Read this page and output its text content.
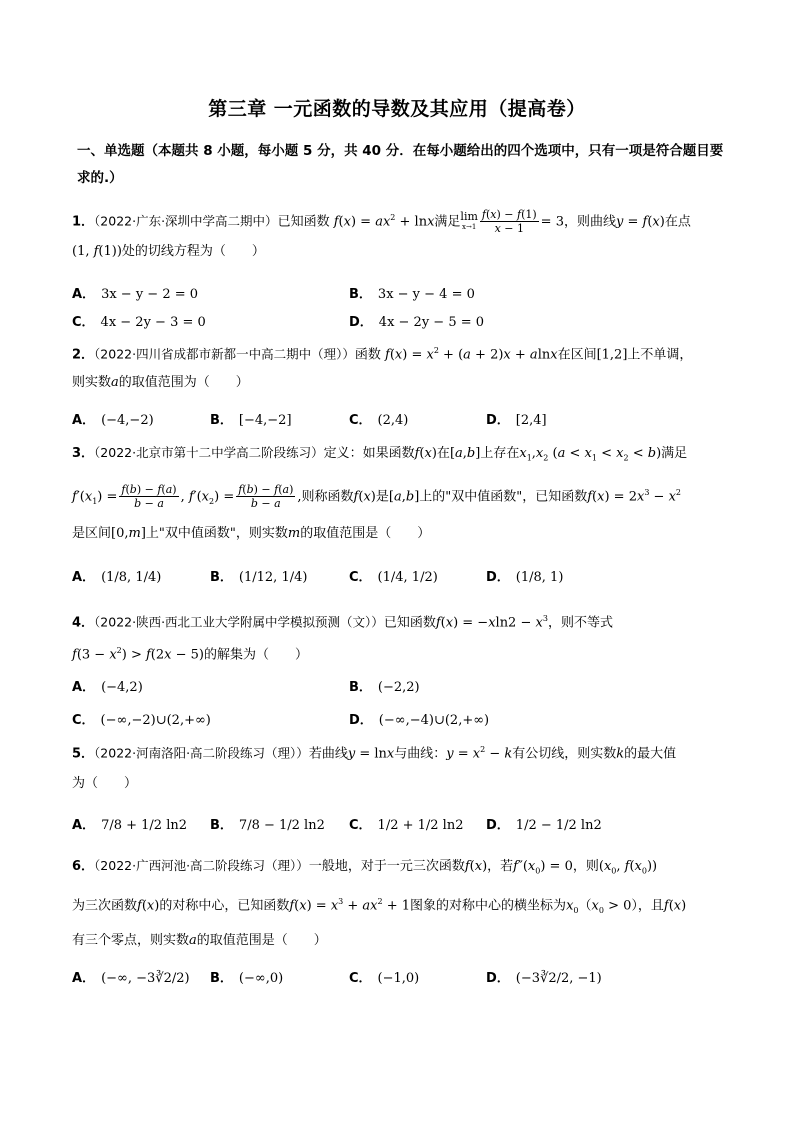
第三章 一元函数的导数及其应用（提高卷）
一、单选题（本题共 8 小题，每小题 5 分，共 40 分．在每小题给出的四个选项中，只有一项是符合题目要求的.）
1．（2022·广东·深圳中学高二期中）已知函数 $f(x) = ax^2 + \ln x$满足lim
$x\to 1 \frac{f(x) - f(1)}{x - 1} = 3$，则曲线y = f(x)在点
(1, f(1))处的切线方程为（　　）
A． 3x − y − 2 = 0	B． 3x − y − 4 = 0
C． 4x − 2y − 3 = 0	D． 4x − 2y − 5 = 0
2．（2022·四川省成都市新都一中高二期中（理））函数 $f(x) = x^2 + (a + 2)x + alnx$在区间[1,2]上不单调，
则实数a的取值范围为（　　）
A． (−4,−2)	B． [−4,−2]	C． (2,4)	D． [2,4]
3．（2022·北京市第十二中学高二阶段练习）定义：如果函数f(x)在[a,b]上存在$x_1,x_2$ $(a < x_1 < x_2 < b)$满足
$f'(x_1) = \frac{f(b) - f(a)}{b - a}$ , $f'(x_2) = \frac{f(b) - f(a)}{b - a}$ ,则称函数f(x)是[a,b]上的"双中值函数"，已知函数$f(x) = 2x^3 - x^2$
是区间[0,m]上"双中值函数"，则实数m的取值范围是（　　）
A． (1/8, 1/4)	B． (1/12, 1/4)	C． (1/4, 1/2)	D． (1/8, 1)
4．（2022·陕西·西北工业大学附属中学模拟预测（文））已知函数$f(x) = -xln2 - x^3$，则不等式
$f(3 - x^2) > f(2x - 5)$的解集为（　　）
A． (−4,2)	B． (−2,2)
C． (−∞,−2)∪(2,+∞)	D． (−∞,−4)∪(2,+∞)
5．（2022·河南洛阳·高二阶段练习（理））若曲线y = lnx与曲线：$y = x^2 - k$有公切线，则实数k的最大值
为（　　）
A． 7/8 + 1/2 ln2 B． 7/8 − 1/2 ln2 C． 1/2 + 1/2 ln2 D． 1/2 − 1/2 ln2
6．（2022·广西河池·高二阶段练习（理））一般地，对于一元三次函数f(x)，若$f''(x_0) = 0$，则($x_0$, $f(x_0)$)
为三次函数f(x)的对称中心，已知函数$f(x) = x^3 + ax^2 + 1$图象的对称中心的横坐标为$x_0(x_0 > 0)$，且f(x)
有三个零点，则实数a的取值范围是（　　）
A． (−∞, −3∛2/2) B． (−∞,0)	C． (−1,0)	D． (−3∛2/2, −1)
